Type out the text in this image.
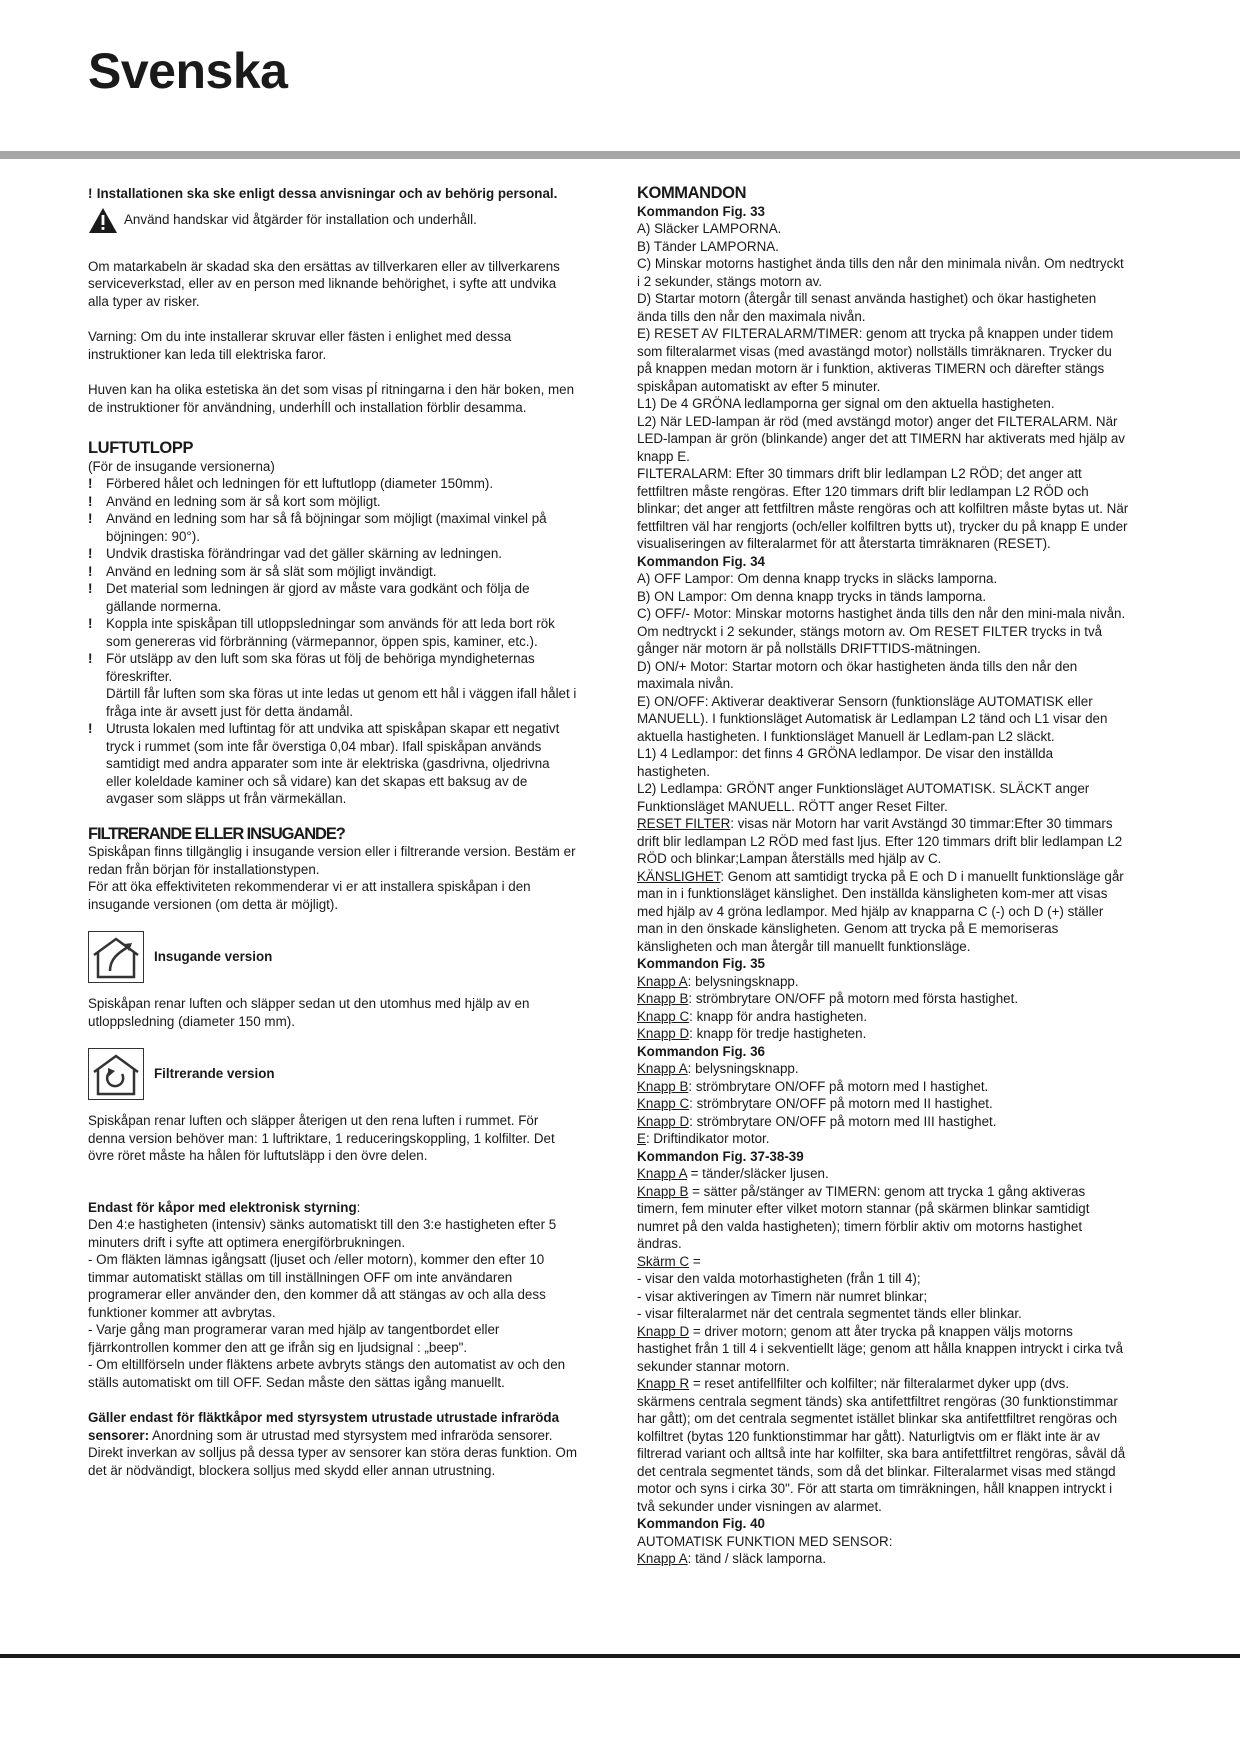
Svenska

! Installationen ska ske enligt dessa anvisningar och av behörig personal.

Använd handskar vid åtgärder för installation och underhåll.

Om matarkabeln är skadad ska den ersättas av tillverkaren eller av tillverkarens serviceverkstad, eller av en person med liknande behörighet, i syfte att undvika alla typer av risker.

Varning: Om du inte installerar skruvar eller fästen i enlighet med dessa instruktioner kan leda till elektriska faror.

Huven kan ha olika estetiska än det som visas pÍ ritningarna i den här boken, men de instruktioner för användning, underhÍll och installation förblir desamma.

LUFTUTLOPP

(För de insugande versionerna)

! Förbered hålet och ledningen för ett luftutlopp (diameter 150mm).
! Använd en ledning som är så kort som möjligt.
! Använd en ledning som har så få böjningar som möjligt (maximal vinkel på böjningen: 90°).
! Undvik drastiska förändringar vad det gäller skärning av ledningen.
! Använd en ledning som är så slät som möjligt invändigt.
! Det material som ledningen är gjord av måste vara godkänt och följa de gällande normerna.
! Koppla inte spiskåpan till utloppsledningar som används för att leda bort rök som genereras vid förbränning (värmepannor, öppen spis, kaminer, etc.).
! För utsläpp av den luft som ska föras ut följ de behöriga myndigheternas föreskrifter.
Därtill får luften som ska föras ut inte ledas ut genom ett hål i väggen ifall hålet i fråga inte är avsett just för detta ändamål.
! Utrusta lokalen med luftintag för att undvika att spiskåpan skapar ett negativt tryck i rummet (som inte får överstiga 0,04 mbar). Ifall spiskåpan används samtidigt med andra apparater som inte är elektriska (gasdrivna, oljedrivna eller koleldade kaminer och så vidare) kan det skapas ett baksug av de avgaser som släpps ut från värmekällan.
FILTRERANDE ELLER INSUGANDE?

Spiskåpan finns tillgänglig i insugande version eller i filtrerande version. Bestäm er redan från början för installationstypen.

För att öka effektiviteten rekommenderar vi er att installera spiskåpan i den insugande versionen (om detta är möjligt).

Insugande version

Spiskåpan renar luften och släpper sedan ut den utomhus med hjälp av en utloppsledning (diameter 150 mm).

Filtrerande version

Spiskåpan renar luften och släpper återigen ut den rena luften i rummet. För denna version behöver man: 1 luftriktare, 1 reduceringskoppling, 1 kolfilter. Det övre röret måste ha hålen för luftutsläpp i den övre delen.

Endast för kåpor med elektronisk styrning:

Den 4:e hastigheten (intensiv) sänks automatiskt till den 3:e hastigheten efter 5 minuters drift i syfte att optimera energiförbrukningen.

- Om fläkten lämnas igångsatt (ljuset och /eller motorn), kommer den efter 10 timmar automatiskt ställas om till inställningen OFF om inte användaren programerar eller använder den, den kommer då att stängas av och alla dess funktioner kommer att avbrytas.

- Varje gång man programerar varan med hjälp av tangentbordet eller fjärrkontrollen kommer den att ge ifrån sig en ljudsignal : „beep".

- Om eltillförseln under fläktens arbete avbryts stängs den automatist av och den ställs automatiskt om till OFF. Sedan måste den sättas igång manuellt.

Gäller endast för fläktkåpor med styrsystem utrustade utrustade infraröda sensorer: Anordning som är utrustad med styrsystem med infraröda sensorer. Direkt inverkan av solljus på dessa typer av sensorer kan störa deras funktion. Om det är nödvändigt, blockera solljus med skydd eller annan utrustning.

KOMMANDON

Kommandon Fig. 33

A) Släcker LAMPORNA.

B) Tänder LAMPORNA.

C) Minskar motorns hastighet ända tills den når den minimala nivån. Om nedtryckt i 2 sekunder, stängs motorn av.

D) Startar motorn (återgår till senast använda hastighet) och ökar hastigheten ända tills den når den maximala nivån.

E) RESET AV FILTERALARM/TIMER: genom att trycka på knappen under tidem som filteralarmet visas (med avastängd motor) nollställs timräknaren. Trycker du på knappen medan motorn är i funktion, aktiveras TIMERN och därefter stängs spiskåpan automatiskt av efter 5 minuter.

L1) De 4 GRÖNA ledlamporna ger signal om den aktuella hastigheten.

L2) När LED-lampan är röd (med avstängd motor) anger det FILTERALARM. När LED-lampan är grön (blinkande) anger det att TIMERN har aktiverats med hjälp av knapp E.

FILTERALARM: Efter 30 timmars drift blir ledlampan L2 RÖD; det anger att fettfiltren måste rengöras. Efter 120 timmars drift blir ledlampan L2 RÖD och blinkar; det anger att fettfiltren måste rengöras och att kolfiltren måste bytas ut. När fettfiltren väl har rengjorts (och/eller kolfiltren bytts ut), trycker du på knapp E under visualiseringen av filteralarmet för att återstarta timräknaren (RESET).

Kommandon Fig. 34

A) OFF Lampor: Om denna knapp trycks in släcks lamporna.

B) ON Lampor: Om denna knapp trycks in tänds lamporna.

C) OFF/- Motor: Minskar motorns hastighet ända tills den når den mini-mala nivån. Om nedtryckt i 2 sekunder, stängs motorn av. Om RESET FILTER trycks in två gånger när motorn är på nollställs DRIFTTIDS-mätningen.

D) ON/+ Motor: Startar motorn och ökar hastigheten ända tills den når den maximala nivån.

E) ON/OFF: Aktiverar deaktiverar Sensorn (funktionsläge AUTOMATISK eller MANUELL). I funktionsläget Automatisk är Ledlampan L2 tänd och L1 visar den aktuella hastigheten. I funktionsläget Manuell är Ledlam-pan L2 släckt.

L1) 4 Ledlampor: det finns 4 GRÖNA ledlampor. De visar den inställda hastigheten.

L2) Ledlampa: GRÖNT anger Funktionsläget AUTOMATISK. SLÄCKT anger Funktionsläget MANUELL. RÖTT anger Reset Filter.

RESET FILTER: visas när Motorn har varit Avstängd 30 timmar:Efter 30 timmars drift blir ledlampan L2 RÖD med fast ljus. Efter 120 timmars drift blir ledlampan L2 RÖD och blinkar;Lampan återställs med hjälp av C.

KÄNSLIGHET: Genom att samtidigt trycka på E och D i manuellt funktionsläge går man in i funktionsläget känslighet. Den inställda känsligheten kom-mer att visas med hjälp av 4 gröna ledlampor. Med hjälp av knapparna C (-) och D (+) ställer man in den önskade känsligheten. Genom att trycka på E memoriseras känsligheten och man återgår till manuellt funktionsläge.

Kommandon Fig. 35

Knapp A: belysningsknapp.

Knapp B: strömbrytare ON/OFF på motorn med första hastighet.

Knapp C: knapp för andra hastigheten.

Knapp D: knapp för tredje hastigheten.

Kommandon Fig. 36

Knapp A: belysningsknapp.

Knapp B: strömbrytare ON/OFF på motorn med I hastighet.

Knapp C: strömbrytare ON/OFF på motorn med II hastighet.

Knapp D: strömbrytare ON/OFF på motorn med III hastighet.

E: Driftindikator motor.

Kommandon Fig. 37-38-39

Knapp A = tänder/släcker ljusen.

Knapp B = sätter på/stänger av TIMERN: genom att trycka 1 gång aktiveras timern, fem minuter efter vilket motorn stannar (på skärmen blinkar samtidigt numret på den valda hastigheten); timern förblir aktiv om motorns hastighet ändras.

Skärm C =

- visar den valda motorhastigheten (från 1 till 4);

- visar aktiveringen av Timern när numret blinkar;

- visar filteralarmet när det centrala segmentet tänds eller blinkar.

Knapp D = driver motorn; genom att åter trycka på knappen väljs motorns hastighet från 1 till 4 i sekventiellt läge; genom att hålla knappen intryckt i cirka två sekunder stannar motorn.

Knapp R = reset antifellfilter och kolfilter; när filteralarmet dyker upp (dvs. skärmens centrala segment tänds) ska antifettfiltret rengöras (30 funktionstimmar har gått); om det centrala segmentet istället blinkar ska antifettfiltret rengöras och kolfiltret (bytas 120 funktionstimmar har gått). Naturligtvis om er fläkt inte är av filtrerad variant och alltså inte har kolfilter, ska bara antifettfiltret rengöras, såväl då det centrala segmentet tänds, som då det blinkar. Filteralarmet visas med stängd motor och syns i cirka 30". För att starta om timräkningen, håll knappen intryckt i två sekunder under visningen av alarmet.

Kommandon Fig. 40

AUTOMATISK FUNKTION MED SENSOR:

Knapp A: tänd / släck lamporna.
